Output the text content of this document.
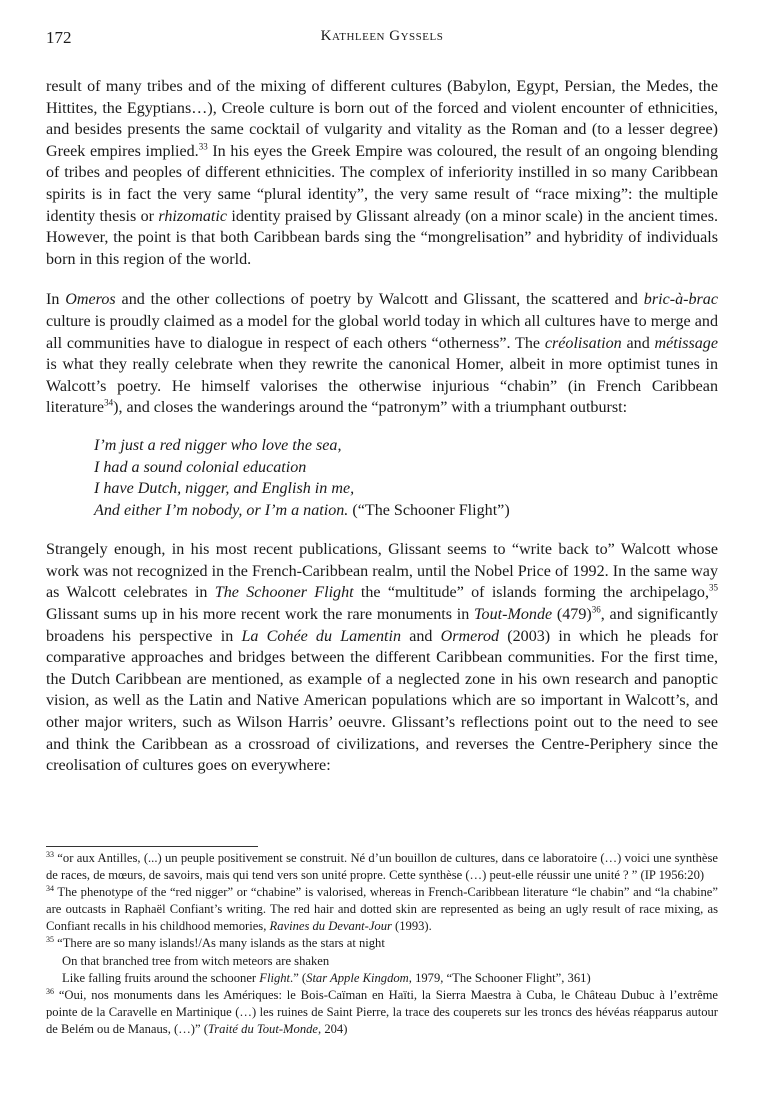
172	Kathleen Gyssels

result of many tribes and of the mixing of different cultures (Babylon, Egypt, Persian, the Medes, the Hittites, the Egyptians…), Creole culture is born out of the forced and violent encounter of ethnicities, and besides presents the same cocktail of vulgarity and vitality as the Roman and (to a lesser degree) Greek empires implied.$^{33}$ In his eyes the Greek Empire was coloured, the result of an ongoing blending of tribes and peoples of different ethnicities. The complex of inferiority instilled in so many Caribbean spirits is in fact the very same “plural identity”, the very same result of “race mixing”: the multiple identity thesis or rhizomatic identity praised by Glissant already (on a minor scale) in the ancient times. However, the point is that both Caribbean bards sing the “mongrelisation” and hybridity of individuals born in this region of the world.

In Omeros and the other collections of poetry by Walcott and Glissant, the scattered and bric-à-brac culture is proudly claimed as a model for the global world today in which all cultures have to merge and all communities have to dialogue in respect of each others “otherness”. The créolisation and métissage is what they really celebrate when they rewrite the canonical Homer, albeit in more optimist tunes in Walcott’s poetry. He himself valorises the otherwise injurious “chabin” (in French Caribbean literature$^{34}$), and closes the wanderings around the “patronym” with a triumphant outburst:

I’m just a red nigger who love the sea,
I had a sound colonial education
I have Dutch, nigger, and English in me,
And either I’m nobody, or I’m a nation. (“The Schooner Flight”)

Strangely enough, in his most recent publications, Glissant seems to “write back to” Walcott whose work was not recognized in the French-Caribbean realm, until the Nobel Price of 1992. In the same way as Walcott celebrates in The Schooner Flight the “multitude” of islands forming the archipelago,$^{35}$ Glissant sums up in his more recent work the rare monuments in Tout-Monde $(479)^{36}$, and significantly broadens his perspective in La Cohée du Lamentin and Ormerod (2003) in which he pleads for comparative approaches and bridges between the different Caribbean communities. For the first time, the Dutch Caribbean are mentioned, as example of a neglected zone in his own research and panoptic vision, as well as the Latin and Native American populations which are so important in Walcott’s, and other major writers, such as Wilson Harris’ oeuvre. Glissant’s reflections point out to the need to see and think the Caribbean as a crossroad of civilizations, and reverses the Centre-Periphery since the creolisation of cultures goes on everywhere:

$^{33}$ “or aux Antilles, (...) un peuple positivement se construit. Né d’un bouillon de cultures, dans ce laboratoire (…) voici une synthèse de races, de mœurs, de savoirs, mais qui tend vers son unité propre. Cette synthèse (…) peut-elle réussir une unité ? ” (IP 1956:20)

$^{34}$ The phenotype of the “red nigger” or “chabine” is valorised, whereas in French-Caribbean literature “le chabin” and “la chabine” are outcasts in Raphaël Confiant’s writing. The red hair and dotted skin are represented as being an ugly result of race mixing, as Confiant recalls in his childhood memories, Ravines du Devant-Jour (1993).

$^{35}$ “There are so many islands!/As many islands as the stars at night
On that branched tree from witch meteors are shaken
Like falling fruits around the schooner Flight.” (Star Apple Kingdom, 1979, “The Schooner Flight”, 361)

$^{36}$ “Oui, nos monuments dans les Amériques: le Bois-Caïman en Haïti, la Sierra Maestra à Cuba, le Château Dubuc à l’extrême pointe de la Caravelle en Martinique (…) les ruines de Saint Pierre, la trace des couperets sur les troncs des hévéas réapparus autour de Belém ou de Manaus, (…)” (Traité du Tout-Monde, 204)
